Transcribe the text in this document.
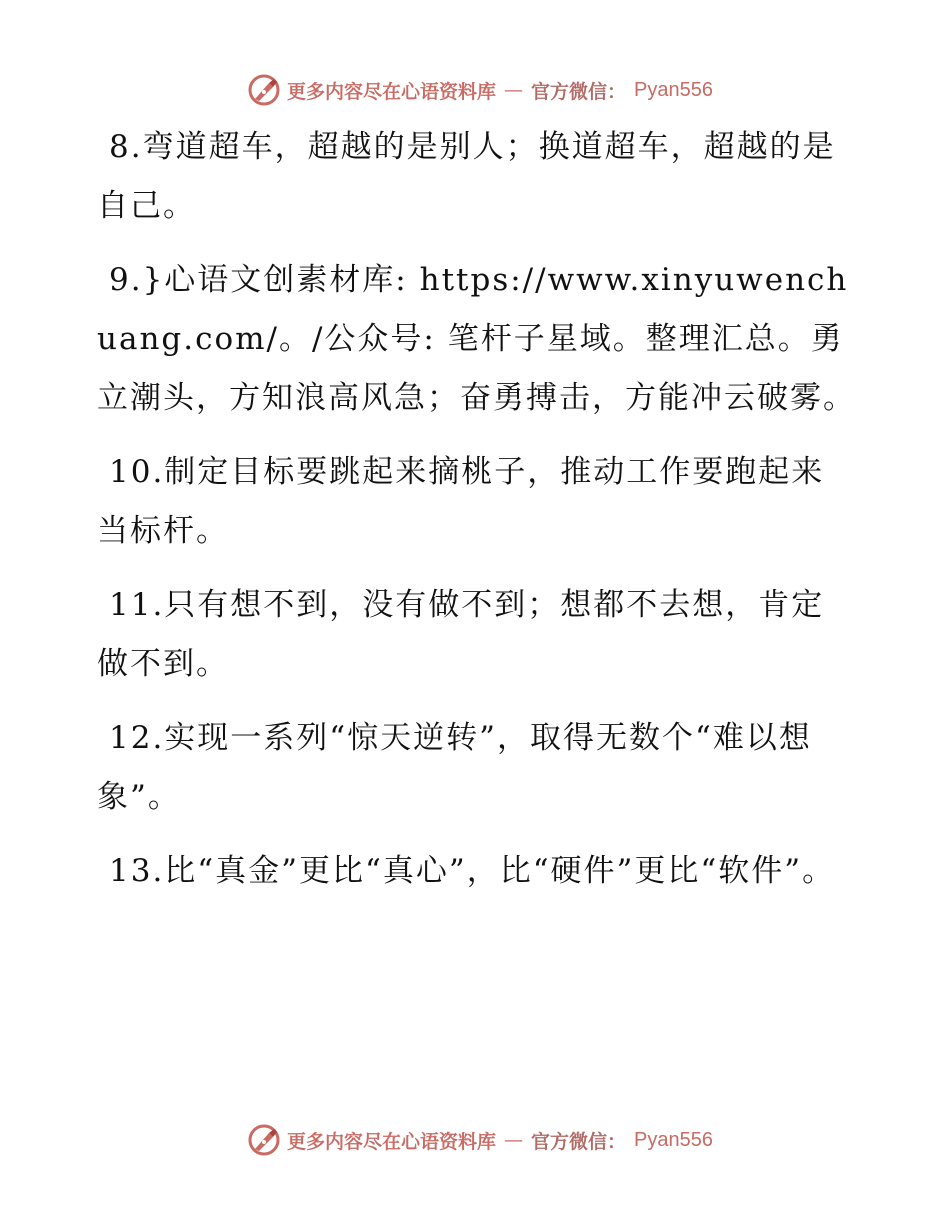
更多内容尽在心语资料库 — 官方微信： Pyan556

8.弯道超车，超越的是别人；换道超车，超越的是自己。

9.}心语文创素材库: https://www.xinyuwenchuang.com/。/公众号: 笔杆子星域。整理汇总。勇立潮头，方知浪高风急；奋勇搏击，方能冲云破雾。

10.制定目标要跳起来摘桃子，推动工作要跑起来当标杆。

11.只有想不到，没有做不到；想都不去想，肯定做不到。

12.实现一系列“惊天逆转”，取得无数个“难以想象”。

13.比“真金”更比“真心”，比“硬件”更比“软件”。

更多内容尽在心语资料库 — 官方微信： Pyan556
